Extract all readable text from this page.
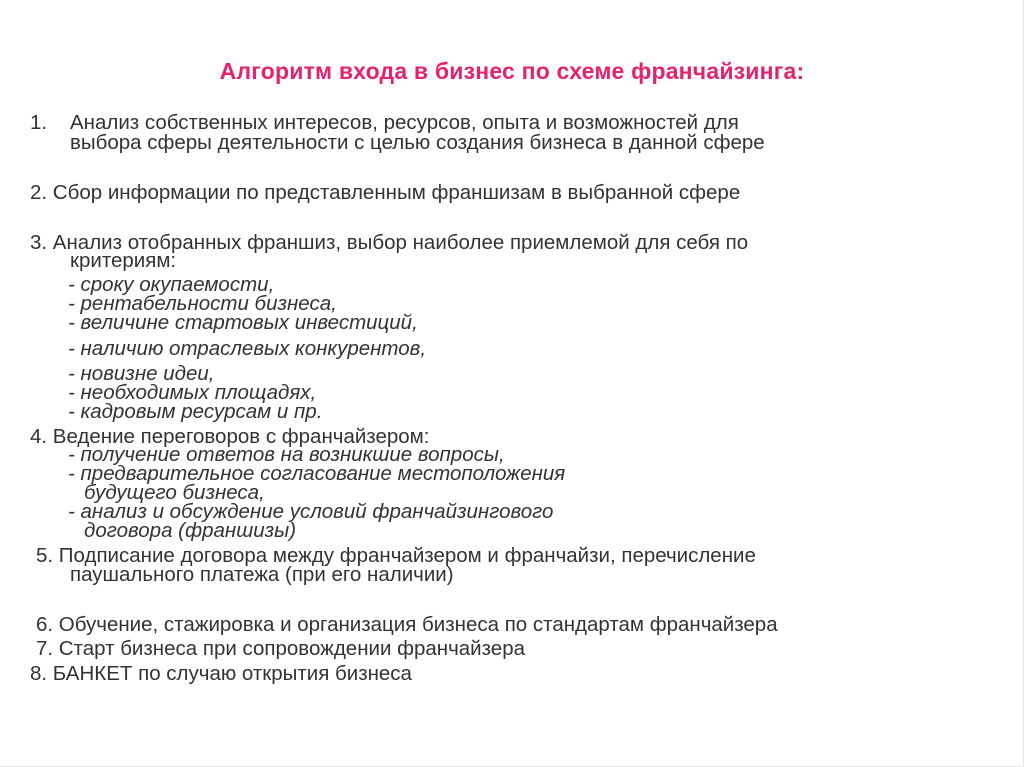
Алгоритм входа в бизнес по схеме франчайзинга:
1. Анализ собственных интересов, ресурсов, опыта и возможностей для
выбора сферы деятельности с целью создания бизнеса в данной сфере
2. Сбор информации по представленным франшизам в выбранной сфере
3. Анализ отобранных франшиз, выбор наиболее приемлемой для себя по
критериям:
- сроку окупаемости,
- рентабельности бизнеса,
- величине стартовых инвестиций,
- наличию отраслевых конкурентов,
- новизне идеи,
- необходимых площадях,
- кадровым ресурсам и пр.
4. Ведение переговоров с франчайзером:
- получение ответов на возникшие вопросы,
- предварительное согласование местоположения
будущего бизнеса,
- анализ и обсуждение условий франчайзингового
договора (франшизы)
5. Подписание договора между франчайзером и франчайзи, перечисление
паушального платежа (при его наличии)
6. Обучение, стажировка и организация бизнеса по стандартам франчайзера
7. Старт бизнеса при сопровождении франчайзера
8. БАНКЕТ по случаю открытия бизнеса
